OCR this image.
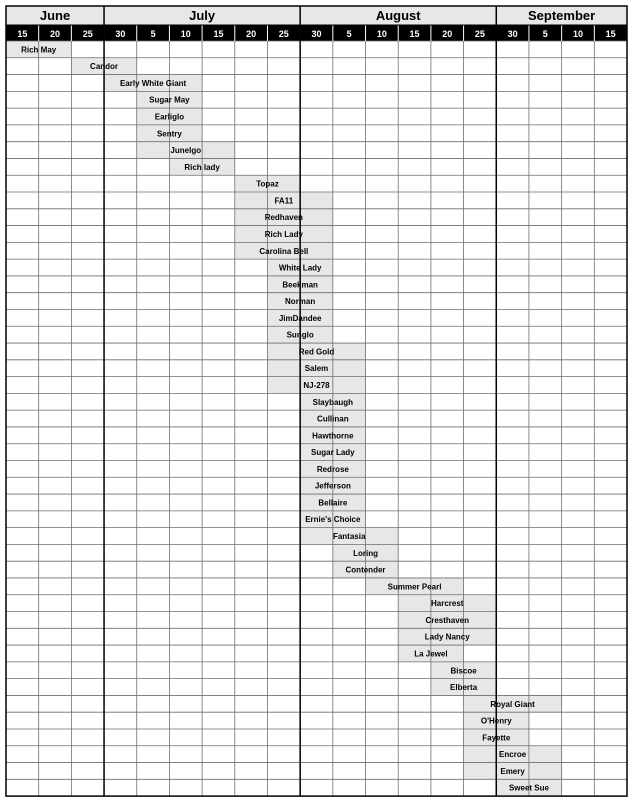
June	July	August	September
15	20	25	30	5	10	15	20	25	30	5	10	15	20	25	30	5	10	15
Rich May
Candor
Early White Giant
Sugar May
Earliglo
Sentry
Junelgo
Rich lady
Topaz
FA11
Redhaven
Rich Lady
Carolina Bell
White Lady
Beekman
Norman
JimDandee
Sunglo
Red Gold
Salem
NJ-278
Slaybaugh
Cullinan
Hawthorne
Sugar Lady
Redrose
Jefferson
Bellaire
Ernie's Choice
Fantasia
Loring
Contender
Summer Pearl
Harcrest
Cresthaven
Lady Nancy
La Jewel
Biscoe
Elberta
Royal Giant
O'Henry
Fayette
Encroe
Emery
Sweet Sue
